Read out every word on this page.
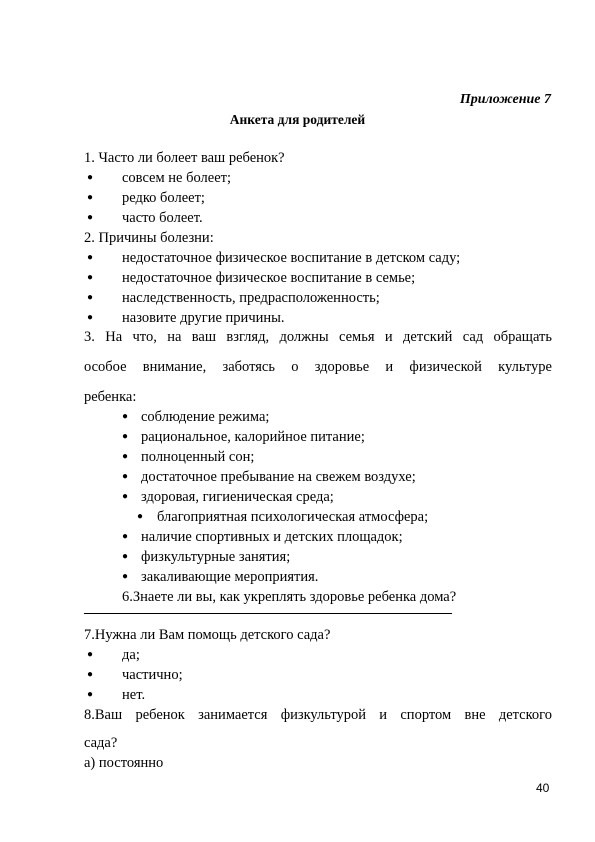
Приложение 7
Анкета для родителей
1. Часто ли болеет ваш ребенок?
● совсем не болеет;
● редко болеет;
● часто болеет.
2. Причины болезни:
● недостаточное физическое воспитание в детском саду;
● недостаточное физическое воспитание в семье;
● наследственность, предрасположенность;
● назовите другие причины.
3. На что, на ваш взгляд, должны семья и детский сад обращать
особое внимание, заботясь о здоровье и физической культуре
ребенка:
● соблюдение режима;
● рациональное, калорийное питание;
● полноценный сон;
● достаточное пребывание на свежем воздухе;
● здоровая, гигиеническая среда;
● благоприятная психологическая атмосфера;
● наличие спортивных и детских площадок;
● физкультурные занятия;
● закаливающие мероприятия.
6.Знаете ли вы, как укреплять здоровье ребенка дома?
7.Нужна ли Вам помощь детского сада?
● да;
● частично;
● нет.
8.Ваш ребенок занимается физкультурой и спортом вне детского
сада?
а) постоянно
40
